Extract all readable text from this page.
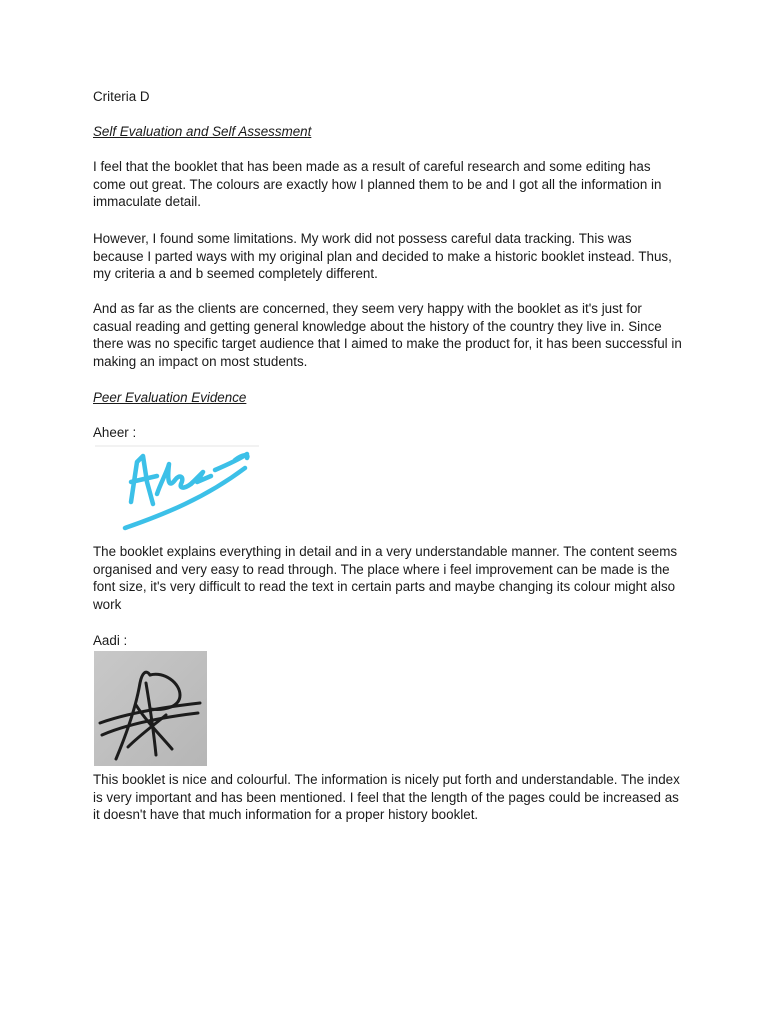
Criteria D

Self Evaluation and Self Assessment

I feel that the booklet that has been made as a result of careful research and some editing has come out great. The colours are exactly how I planned them to be and I got all the information in immaculate detail.

However, I found some limitations. My work did not possess careful data tracking. This was because I parted ways with my original plan and decided to make a historic booklet instead. Thus, my criteria a and b seemed completely different.

And as far as the clients are concerned, they seem very happy with the booklet as it's just for casual reading and getting general knowledge about the history of the country they live in. Since there was no specific target audience that I aimed to make the product for, it has been successful in making an impact on most students.

Peer Evaluation Evidence

Aheer :

The booklet explains everything in detail and in a very understandable manner. The content seems organised and very easy to read through. The place where i feel improvement can be made is the font size, it's very difficult to read the text in certain parts and maybe changing its colour might also work

Aadi :

This booklet is nice and colourful. The information is nicely put forth and understandable. The index is very important and has been mentioned. I feel that the length of the pages could be increased as it doesn't have that much information for a proper history booklet.
